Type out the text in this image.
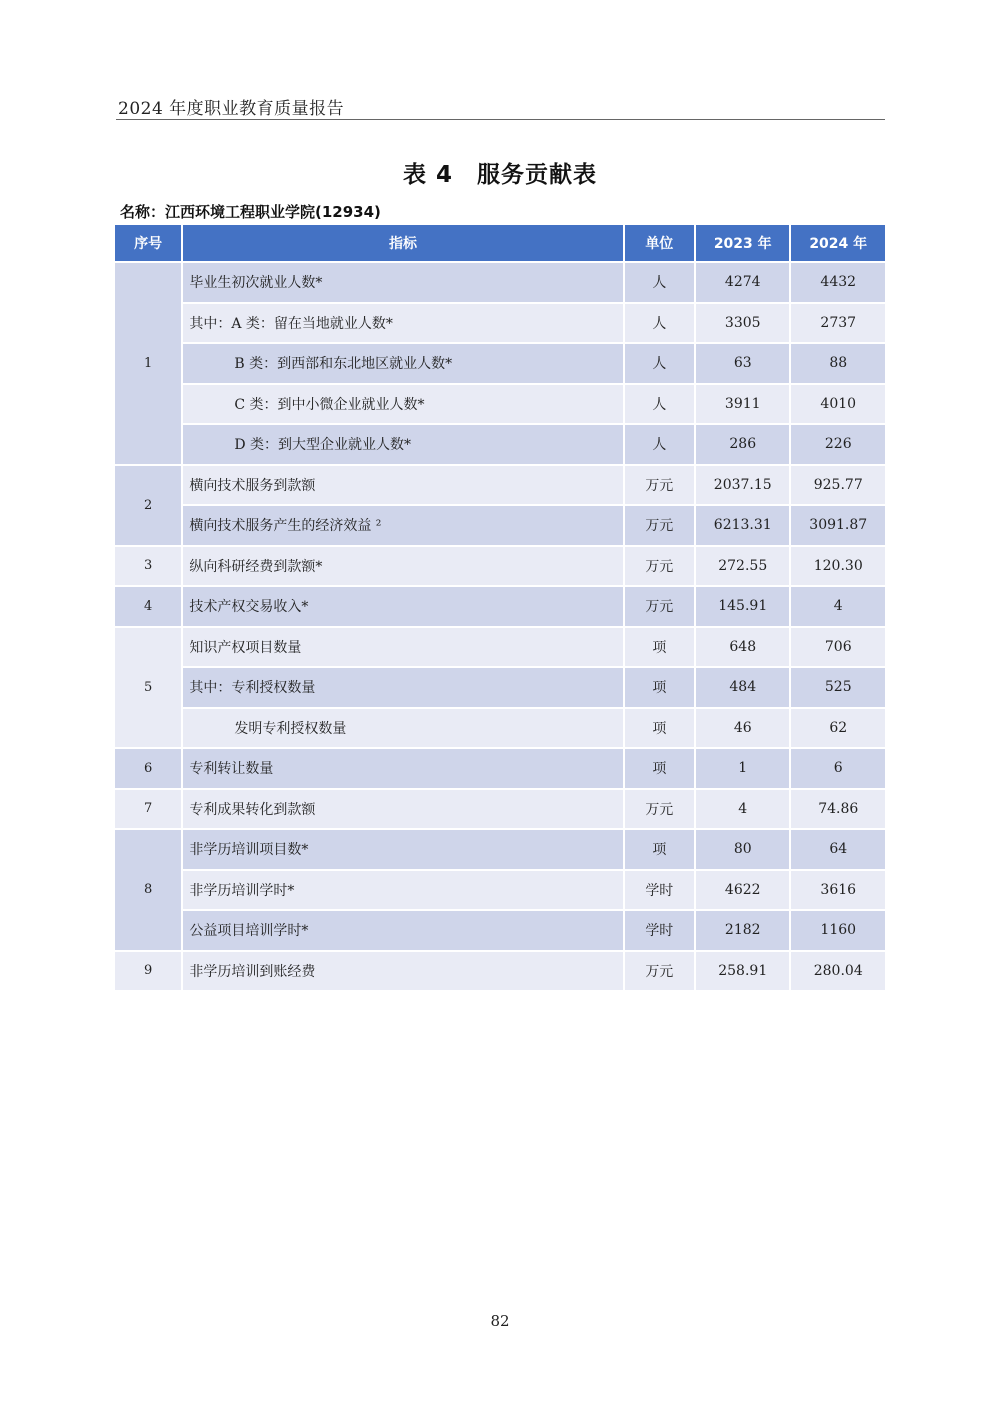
2024 年度职业教育质量报告
表 4　服务贡献表
名称：江西环境工程职业学院(12934)
序号	指标	单位	2023 年	2024 年
1	毕业生初次就业人数*	人	4274	4432
	其中：A 类：留在当地就业人数*	人	3305	2737
	B 类：到西部和东北地区就业人数*	人	63	88
	C 类：到中小微企业就业人数*	人	3911	4010
	D 类：到大型企业就业人数*	人	286	226
2	横向技术服务到款额	万元	2037.15	925.77
	横向技术服务产生的经济效益 ²	万元	6213.31	3091.87
3	纵向科研经费到款额*	万元	272.55	120.30
4	技术产权交易收入*	万元	145.91	4
5	知识产权项目数量	项	648	706
	其中：专利授权数量	项	484	525
	发明专利授权数量	项	46	62
6	专利转让数量	项	1	6
7	专利成果转化到款额	万元	4	74.86
8	非学历培训项目数*	项	80	64
	非学历培训学时*	学时	4622	3616
	公益项目培训学时*	学时	2182	1160
9	非学历培训到账经费	万元	258.91	280.04
82
